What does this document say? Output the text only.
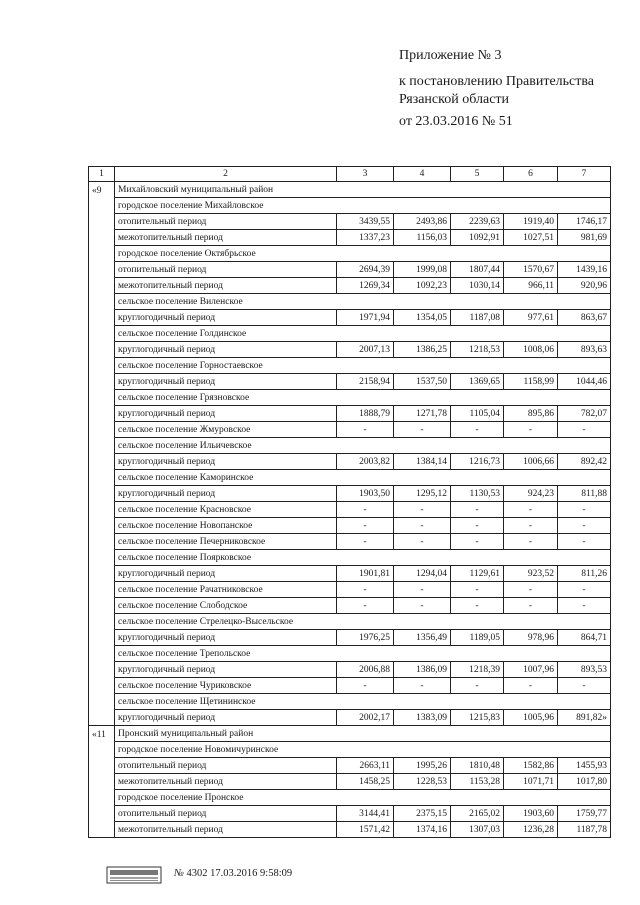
Приложение № 3
к постановлению Правительства
Рязанской области
от 23.03.2016 № 51
1	2	3	4	5	6	7
«9	Михайловский муниципальный район					
	городское поселение Михайловское					
	отопительный период	3439,55	2493,86	2239,63	1919,40	1746,17
	межотопительный период	1337,23	1156,03	1092,91	1027,51	981,69
	городское поселение Октябрьское					
	отопительный период	2694,39	1999,08	1807,44	1570,67	1439,16
	межотопительный период	1269,34	1092,23	1030,14	966,11	920,96
	сельское поселение Виленское					
	круглогодичный период	1971,94	1354,05	1187,08	977,61	863,67
	сельское поселение Голдинское					
	круглогодичный период	2007,13	1386,25	1218,53	1008,06	893,63
	сельское поселение Горностаевское					
	круглогодичный период	2158,94	1537,50	1369,65	1158,99	1044,46
	сельское поселение Грязновское					
	круглогодичный период	1888,79	1271,78	1105,04	895,86	782,07
	сельское поселение Жмуровское	-	-	-	-	-
	сельское поселение Ильичевское					
	круглогодичный период	2003,82	1384,14	1216,73	1006,66	892,42
	сельское поселение Каморинское					
	круглогодичный период	1903,50	1295,12	1130,53	924,23	811,88
	сельское поселение Красновское	-	-	-	-	-
	сельское поселение Новопанское	-	-	-	-	-
	сельское поселение Печерниковское	-	-	-	-	-
	сельское поселение Поярковское					
	круглогодичный период	1901,81	1294,04	1129,61	923,52	811,26
	сельское поселение Рачатниковское	-	-	-	-	-
	сельское поселение Слободское	-	-	-	-	-
	сельское поселение Стрелецко-Высельское					
	круглогодичный период	1976,25	1356,49	1189,05	978,96	864,71
	сельское поселение Трепольское					
	круглогодичный период	2006,88	1386,09	1218,39	1007,96	893,53
	сельское поселение Чуриковское	-	-	-	-	-
	сельское поселение Щетининское					
	круглогодичный период	2002,17	1383,09	1215,83	1005,96	891,82»
«11	Пронский муниципальный район					
	городское поселение Новомичуринское					
	отопительный период	2663,11	1995,26	1810,48	1582,86	1455,93
	межотопительный период	1458,25	1228,53	1153,28	1071,71	1017,80
	городское поселение Пронское					
	отопительный период	3144,41	2375,15	2165,02	1903,60	1759,77
	межотопительный период	1571,42	1374,16	1307,03	1236,28	1187,78
№ 4302 17.03.2016 9:58:09
